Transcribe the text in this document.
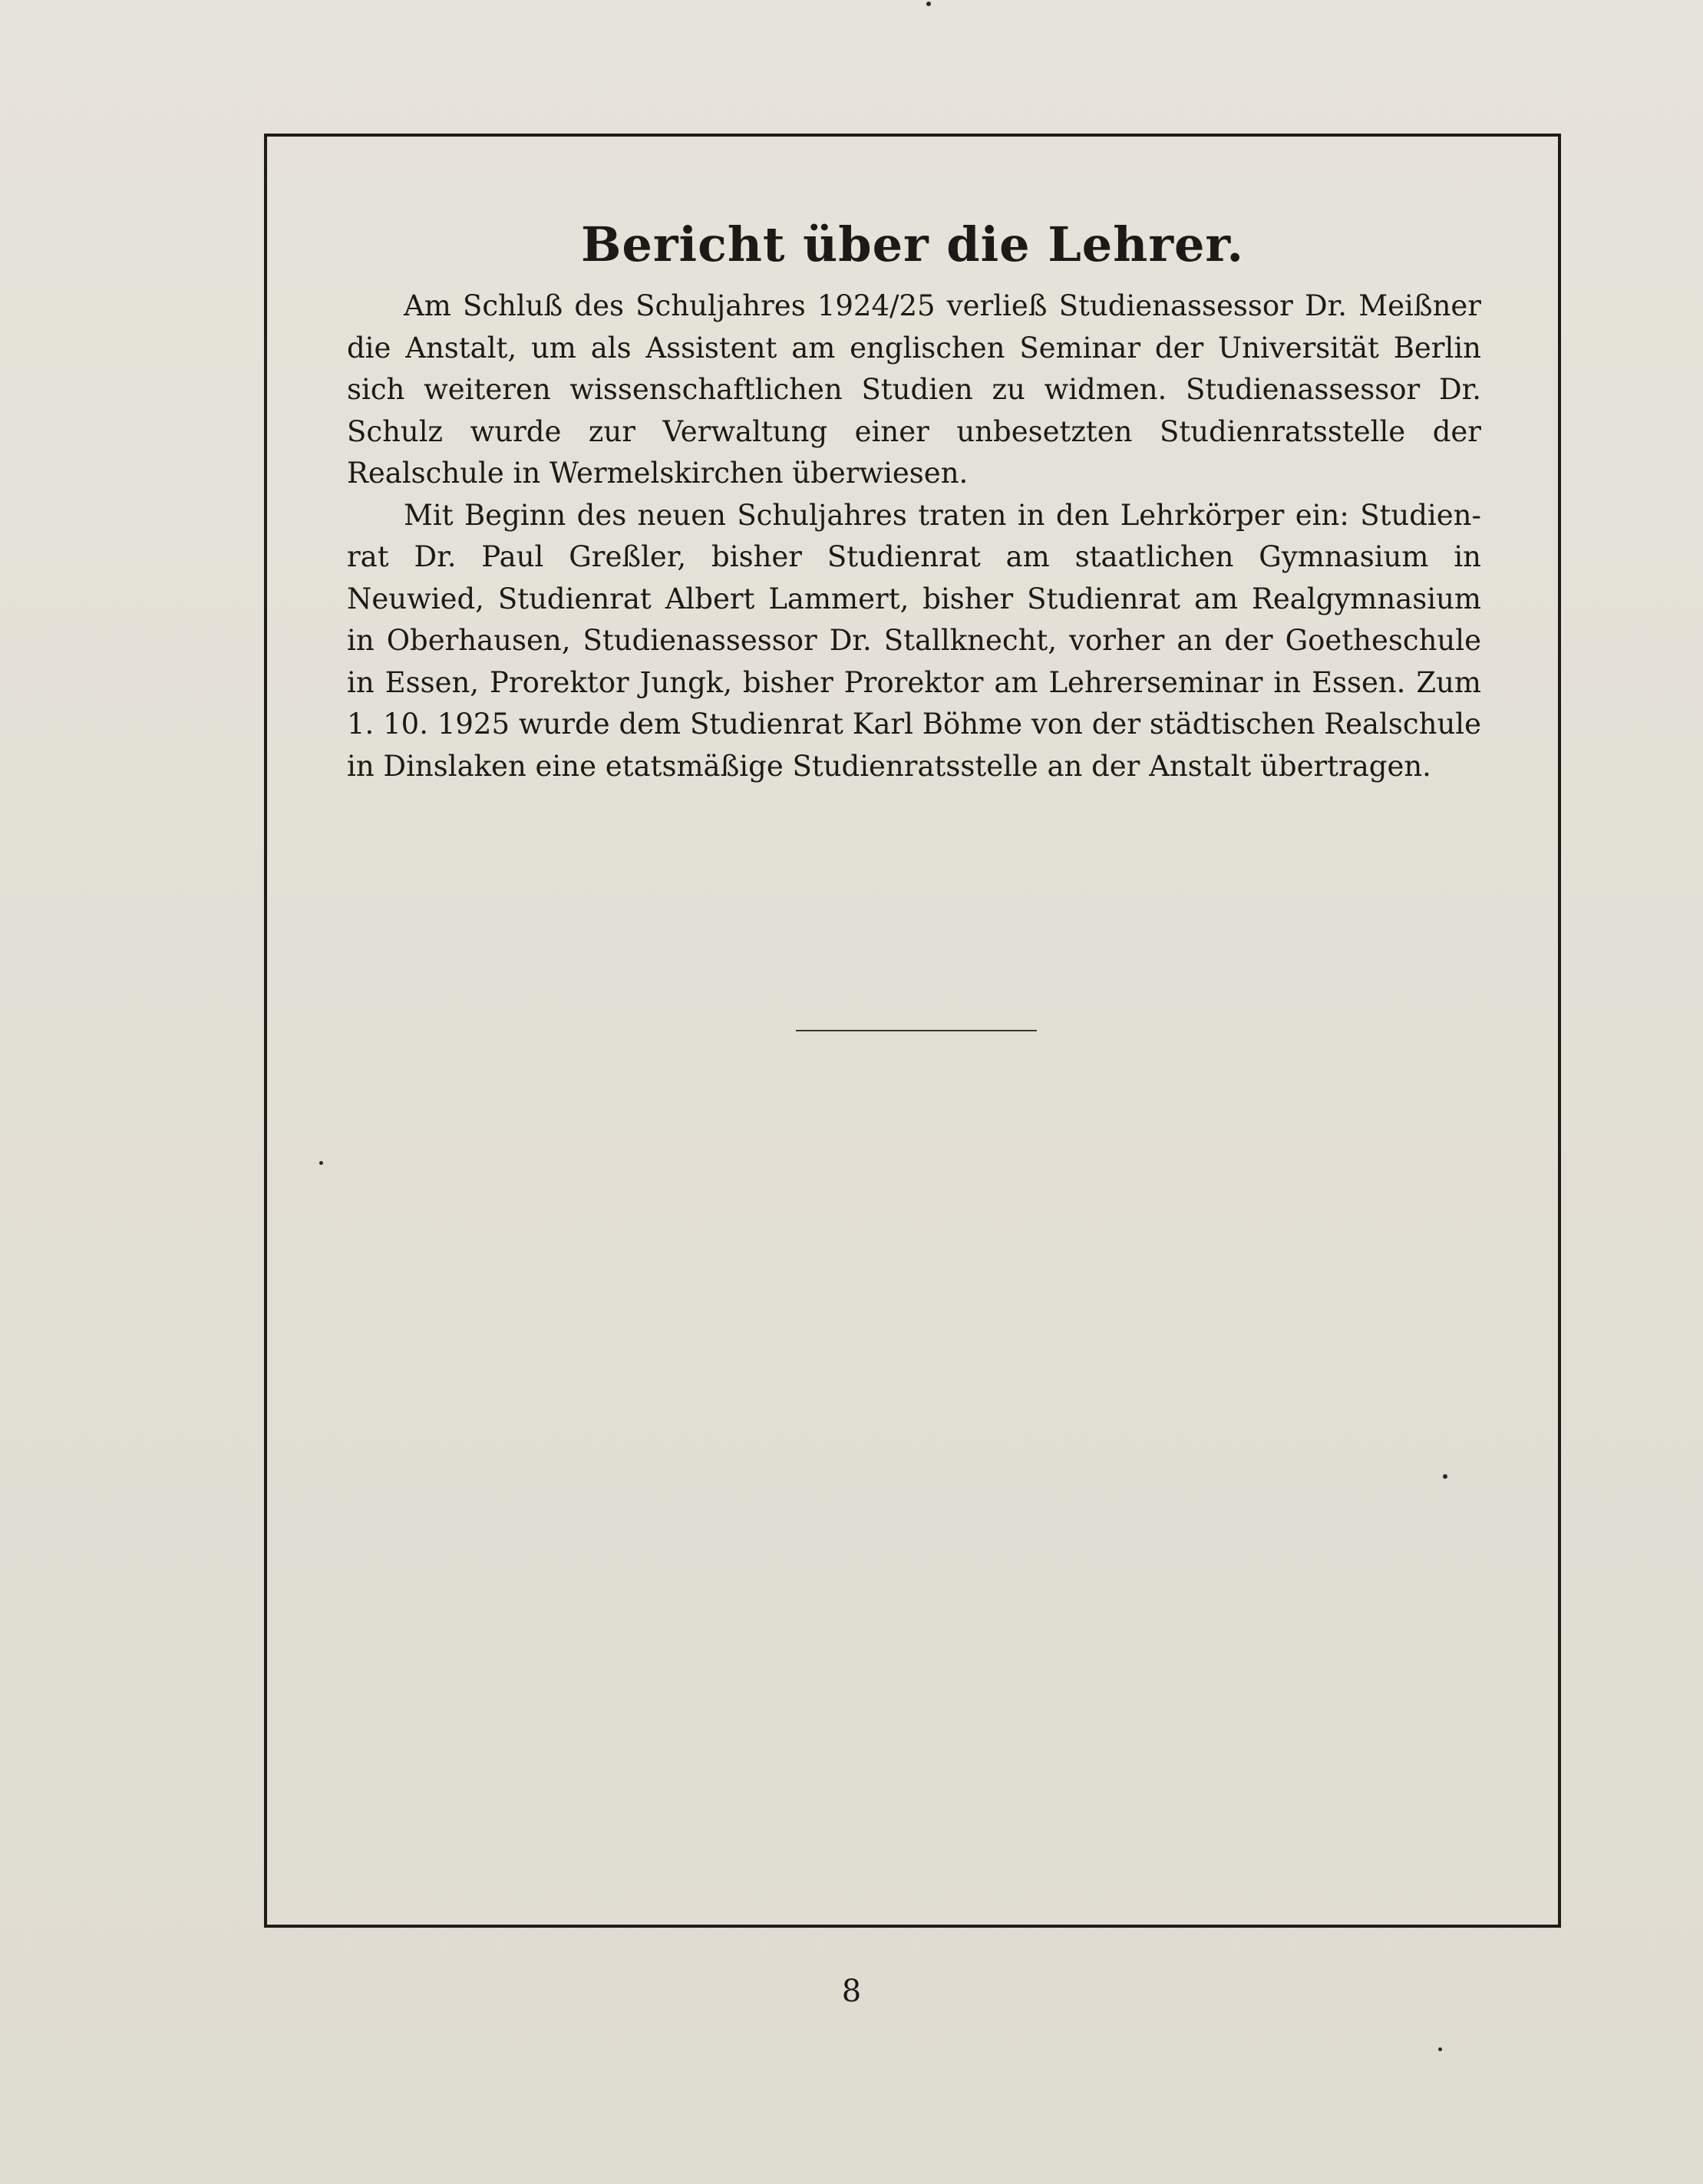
Bericht über die Lehrer.

Am Schluß des Schuljahres 1924/25 verließ Studienassessor Dr. Meißner die Anstalt, um als Assistent am englischen Seminar der Universität Berlin sich weiteren wissenschaftlichen Studien zu widmen. Studienassessor Dr. Schulz wurde zur Verwaltung einer unbesetzten Studienratsstelle der Realschule in Wermelskirchen überwiesen.

Mit Beginn des neuen Schuljahres traten in den Lehrkörper ein: Studienrat Dr. Paul Greßler, bisher Studienrat am staatlichen Gymnasium in Neuwied, Studienrat Albert Lammert, bisher Studienrat am Realgymnasium in Oberhausen, Studienassessor Dr. Stallknecht, vorher an der Goetheschule in Essen, Prorektor Jungk, bisher Prorektor am Lehrerseminar in Essen. Zum 1. 10. 1925 wurde dem Studienrat Karl Böhme von der städtischen Realschule in Dinslaken eine etatsmäßige Studienratsstelle an der Anstalt übertragen.

8
